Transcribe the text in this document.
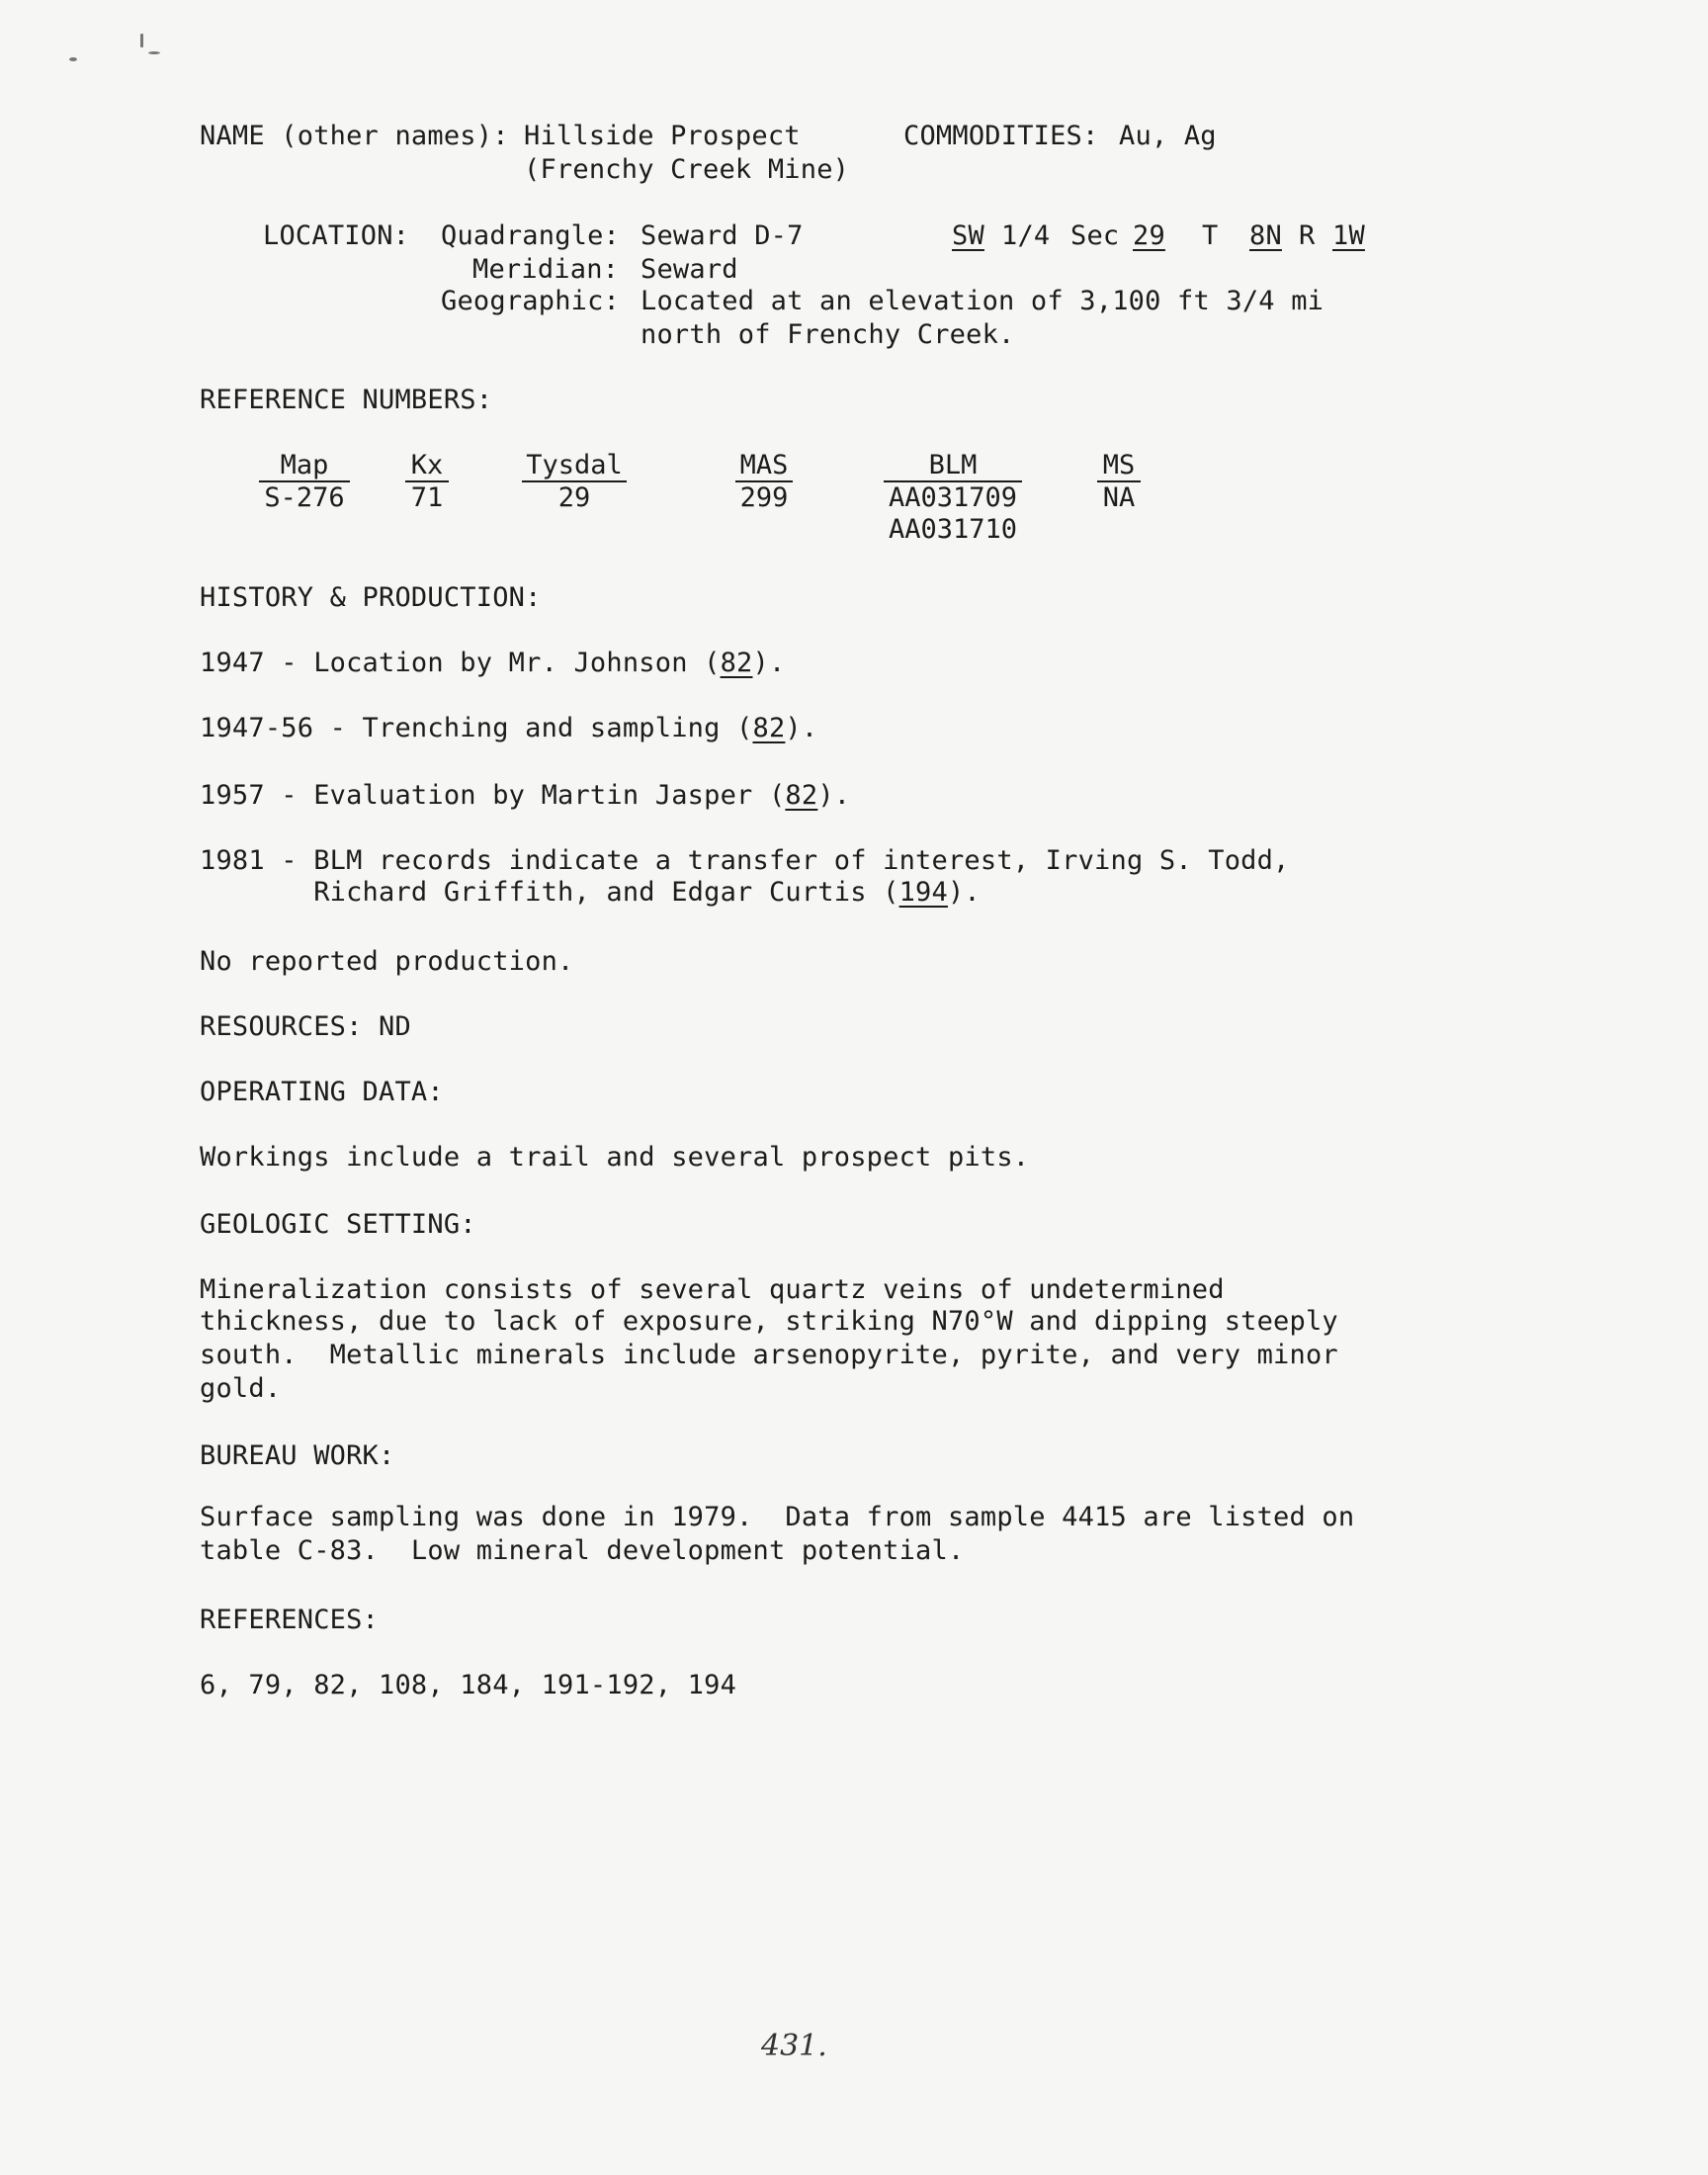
NAME (other names): Hillside Prospect
(Frenchy Creek Mine)
COMMODITIES: Au, Ag
LOCATION: Quadrangle: Seward D-7
Meridian: Seward
Geographic: Located at an elevation of 3,100 ft 3/4 mi
north of Frenchy Creek.
SW 1/4 Sec 29 T 8N R 1W
REFERENCE NUMBERS:
Map
S-276
Kx
71
Tysdal
29
MAS
299
BLM
AA031709
AA031710
MS
NA
HISTORY & PRODUCTION:
1947 - Location by Mr. Johnson (82).
1947-56 - Trenching and sampling (82).
1957 - Evaluation by Martin Jasper (82).
1981 - BLM records indicate a transfer of interest, Irving S. Todd,
Richard Griffith, and Edgar Curtis (194).
No reported production.
RESOURCES: ND
OPERATING DATA:
Workings include a trail and several prospect pits.
GEOLOGIC SETTING:
Mineralization consists of several quartz veins of undetermined
thickness, due to lack of exposure, striking N70°W and dipping steeply
south.  Metallic minerals include arsenopyrite, pyrite, and very minor
gold.
BUREAU WORK:
Surface sampling was done in 1979.  Data from sample 4415 are listed on
table C-83.  Low mineral development potential.
REFERENCES:
6, 79, 82, 108, 184, 191-192, 194
431.
